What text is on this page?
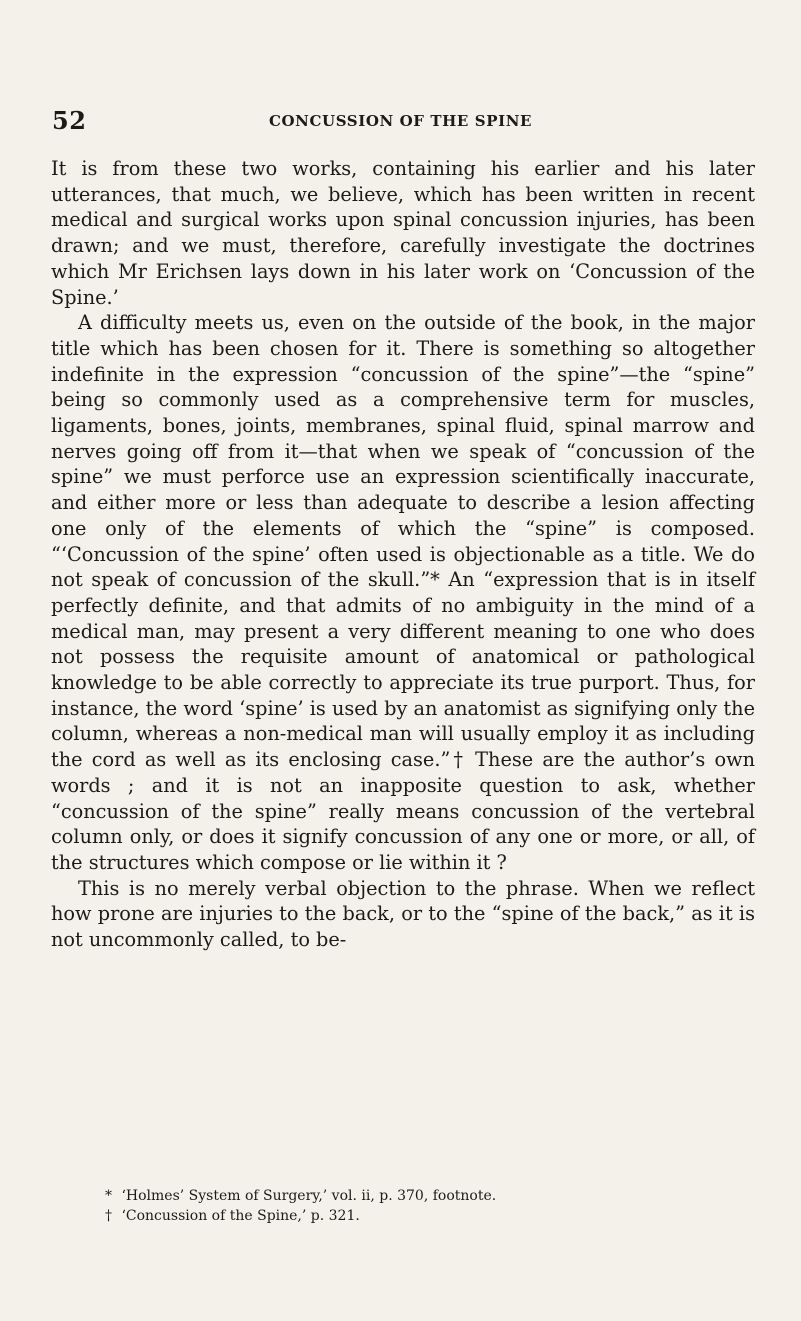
52	CONCUSSION OF THE SPINE

It is from these two works, containing his earlier and his later utterances, that much, we believe, which has been written in recent medical and surgical works upon spinal concussion injuries, has been drawn; and we must, therefore, carefully investigate the doctrines which Mr Erichsen lays down in his later work on ‘Concussion of the Spine.’

A difficulty meets us, even on the outside of the book, in the major title which has been chosen for it. There is something so altogether indefinite in the expression “concussion of the spine”—the “spine” being so commonly used as a comprehensive term for muscles, ligaments, bones, joints, membranes, spinal fluid, spinal marrow and nerves going off from it—that when we speak of “concussion of the spine” we must perforce use an expression scientifically inaccurate, and either more or less than adequate to describe a lesion affecting one only of the elements of which the “spine” is composed. “‘Concussion of the spine’ often used is objectionable as a title. We do not speak of concussion of the skull.”* An “expression that is in itself perfectly definite, and that admits of no ambiguity in the mind of a medical man, may present a very different meaning to one who does not possess the requisite amount of anatomical or pathological knowledge to be able correctly to appreciate its true purport. Thus, for instance, the word ‘spine’ is used by an anatomist as signifying only the column, whereas a non-medical man will usually employ it as including the cord as well as its enclosing case.”† These are the author’s own words ; and it is not an inapposite question to ask, whether “concussion of the spine” really means concussion of the vertebral column only, or does it signify concussion of any one or more, or all, of the structures which compose or lie within it ?

This is no merely verbal objection to the phrase. When we reflect how prone are injuries to the back, or to the “spine of the back,” as it is not uncommonly called, to be-

* ‘Holmes’ System of Surgery,’ vol. ii, p. 370, footnote.
† ‘Concussion of the Spine,’ p. 321.
